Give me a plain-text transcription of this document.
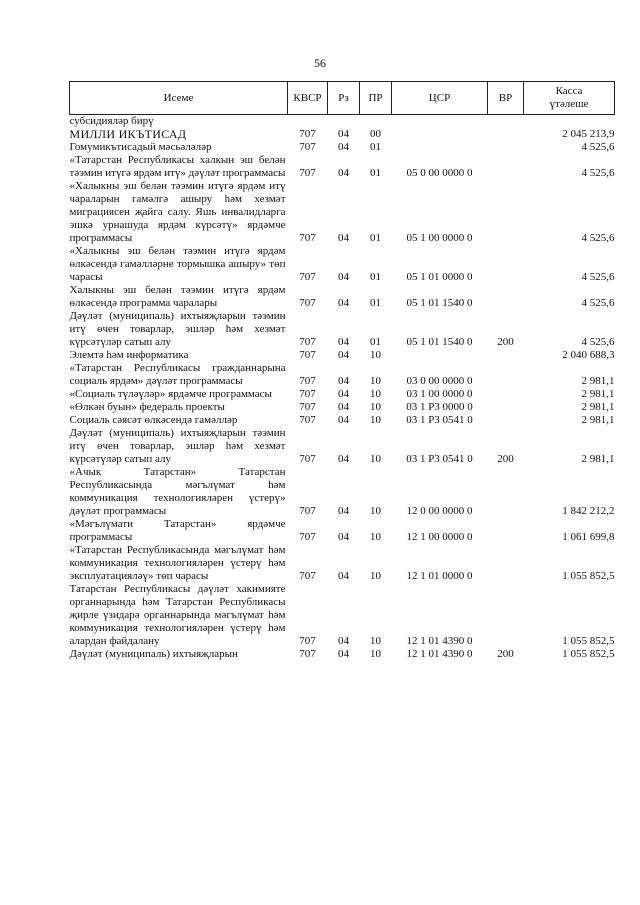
56
Исеме	КВСР	Рз	ПР	ЦСР	ВР	Касса
үтәлеше

субсидияләр бирү						
МИЛЛИ ИКЪТИСАД	707	04	00			2 045 213,9
Гомумикътисадый мәсьәләләр	707	04	01			4 525,6
«Татарстан Республикасы халкын эш белән тәэмин итүгә ярдәм итү» дәүләт программасы	707	04	01	05 0 00 0000 0		4 525,6
«Халыкны эш белән тәэмин итүгә ярдәм итү чараларын гамәлгә ашыру һәм хезмәт миграциясен җайга салу. Яшь инвалидларга эшкә урнашуда ярдәм күрсәтү» ярдәмче программасы	707	04	01	05 1 00 0000 0		4 525,6
«Халыкны эш белән тәэмин итүгә ярдәм өлкәсендә гамәлләрне тормышка ашыру» төп чарасы	707	04	01	05 1 01 0000 0		4 525,6
Халыкны эш белән тәэмин итүгә ярдәм өлкәсендә программа чаралары	707	04	01	05 1 01 1540 0		4 525,6
Дәүләт (муниципаль) ихтыяҗларын тәэмин итү өчен товарлар, эшләр һәм хезмәт күрсәтүләр сатып алу	707	04	01	05 1 01 1540 0	200	4 525,6
Элемтә һәм информатика	707	04	10			2 040 688,3
«Татарстан Республикасы гражданнарына социаль ярдәм» дәүләт программасы	707	04	10	03 0 00 0000 0		2 981,1
«Социаль түләүләр» ярдәмче программасы	707	04	10	03 1 00 0000 0		2 981,1
«Өлкән буын» федераль проекты	707	04	10	03 1 P3 0000 0		2 981,1
Социаль сәясәт өлкәсендә гамәлләр	707	04	10	03 1 P3 0541 0		2 981,1
Дәүләт (муниципаль) ихтыяҗларын тәэмин итү өчен товарлар, эшләр һәм хезмәт күрсәтүләр сатып алу	707	04	10	03 1 P3 0541 0	200	2 981,1
«Ачык Татарстан» Татарстан Республикасында мәгълүмат һәм коммуникация технологияләрен үстерү» дәүләт программасы	707	04	10	12 0 00 0000 0		1 842 212,2
«Мәгълүмати Татарстан» ярдәмче программасы	707	04	10	12 1 00 0000 0		1 061 699,8
«Татарстан Республикасында мәгълүмат һәм коммуникация технологияләрен үстерү һәм эксплуатацияләү» төп чарасы	707	04	10	12 1 01 0000 0		1 055 852,5
Татарстан Республикасы дәүләт хакимияте органнарында һәм Татарстан Республикасы җирле үзидарә органнарында мәгълүмат һәм коммуникация технологияләрен үстерү һәм алардан файдалану	707	04	10	12 1 01 4390 0		1 055 852,5
Дәүләт (муниципаль) ихтыяҗларын	707	04	10	12 1 01 4390 0	200	1 055 852,5
